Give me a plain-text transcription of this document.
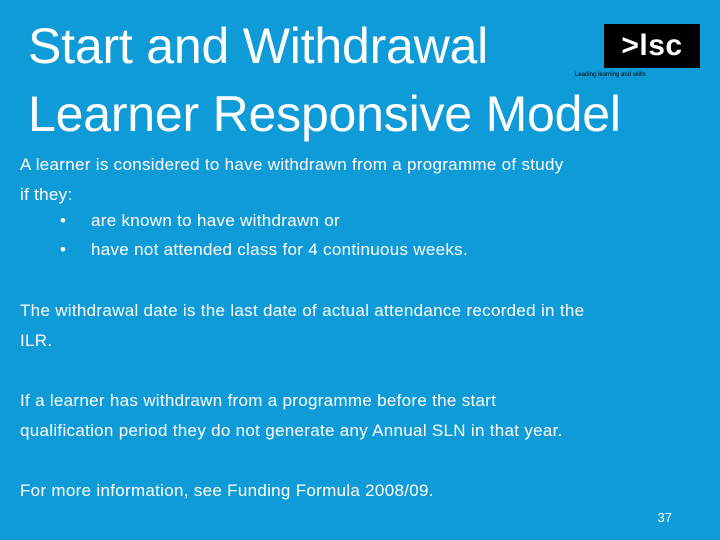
Start and Withdrawal
Learner Responsive Model
>lsc
Leading learning and skills
A learner is considered to have withdrawn from a programme of study
if they:
• are known to have withdrawn or
• have not attended class for 4 continuous weeks.
The withdrawal date is the last date of actual attendance recorded in the
ILR.
If a learner has withdrawn from a programme before the start
qualification period they do not generate any Annual SLN in that year.
For more information, see Funding Formula 2008/09.
37
